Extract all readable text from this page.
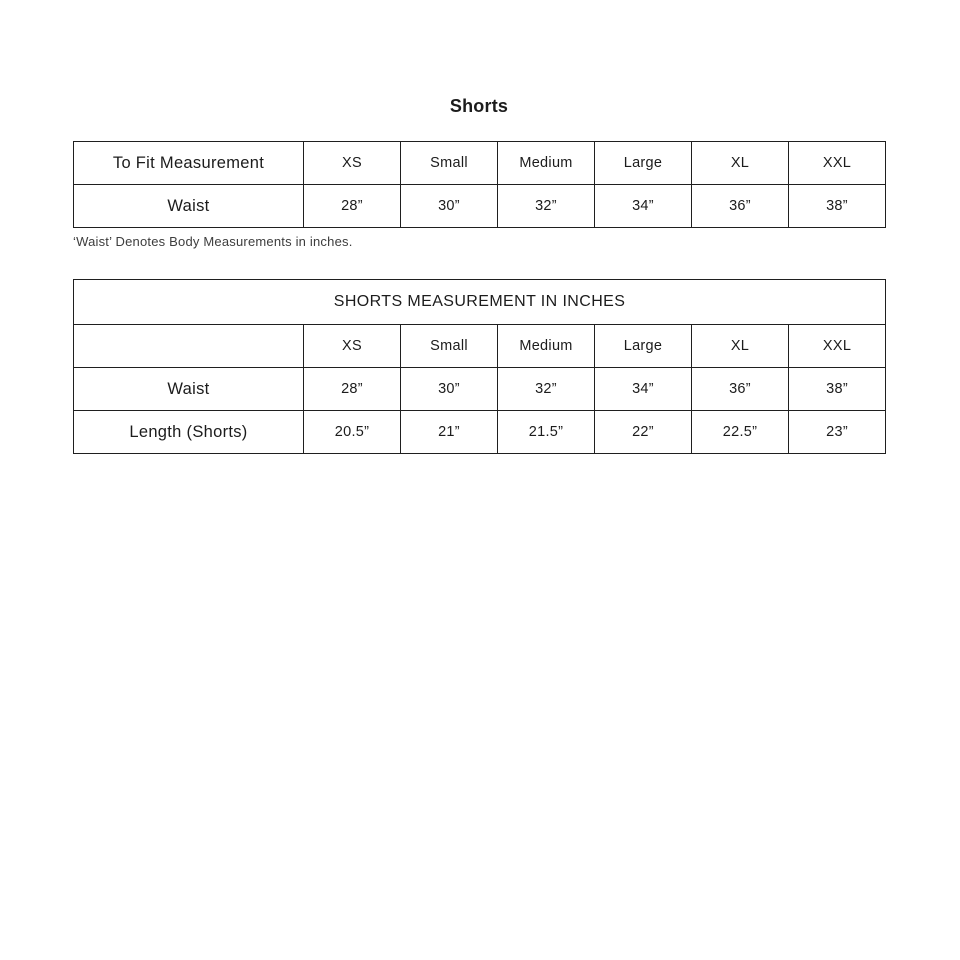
Shorts
To Fit Measurement	XS	Small	Medium	Large	XL	XXL
Waist	28”	30”	32”	34”	36”	38”
‘Waist’ Denotes Body Measurements in inches.
SHORTS MEASUREMENT IN INCHES						
	XS	Small	Medium	Large	XL	XXL
Waist	28”	30”	32”	34”	36”	38”
Length (Shorts)	20.5”	21”	21.5”	22”	22.5”	23”
